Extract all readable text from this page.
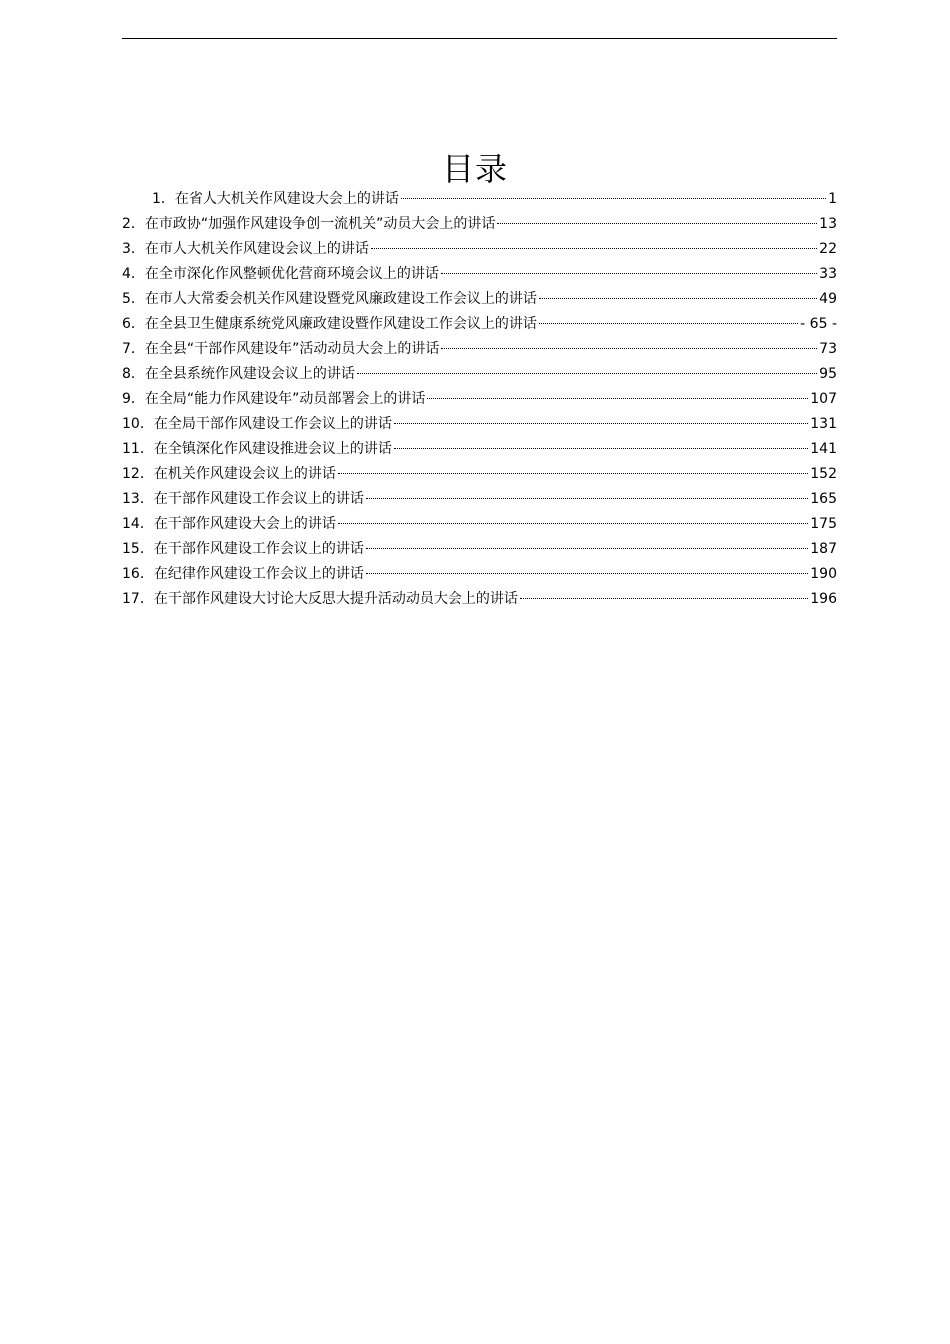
目录
1．在省人大机关作风建设大会上的讲话	1
2．在市政协“加强作风建设争创一流机关”动员大会上的讲话	13
3．在市人大机关作风建设会议上的讲话	22
4．在全市深化作风整顿优化营商环境会议上的讲话	33
5．在市人大常委会机关作风建设暨党风廉政建设工作会议上的讲话	49
6．在全县卫生健康系统党风廉政建设暨作风建设工作会议上的讲话	- 65 -
7．在全县“干部作风建设年”活动动员大会上的讲话	73
8．在全县系统作风建设会议上的讲话	95
9．在全局“能力作风建设年”动员部署会上的讲话	107
10．在全局干部作风建设工作会议上的讲话	131
11．在全镇深化作风建设推进会议上的讲话	141
12．在机关作风建设会议上的讲话	152
13．在干部作风建设工作会议上的讲话	165
14．在干部作风建设大会上的讲话	175
15．在干部作风建设工作会议上的讲话	187
16．在纪律作风建设工作会议上的讲话	190
17．在干部作风建设大讨论大反思大提升活动动员大会上的讲话	196
